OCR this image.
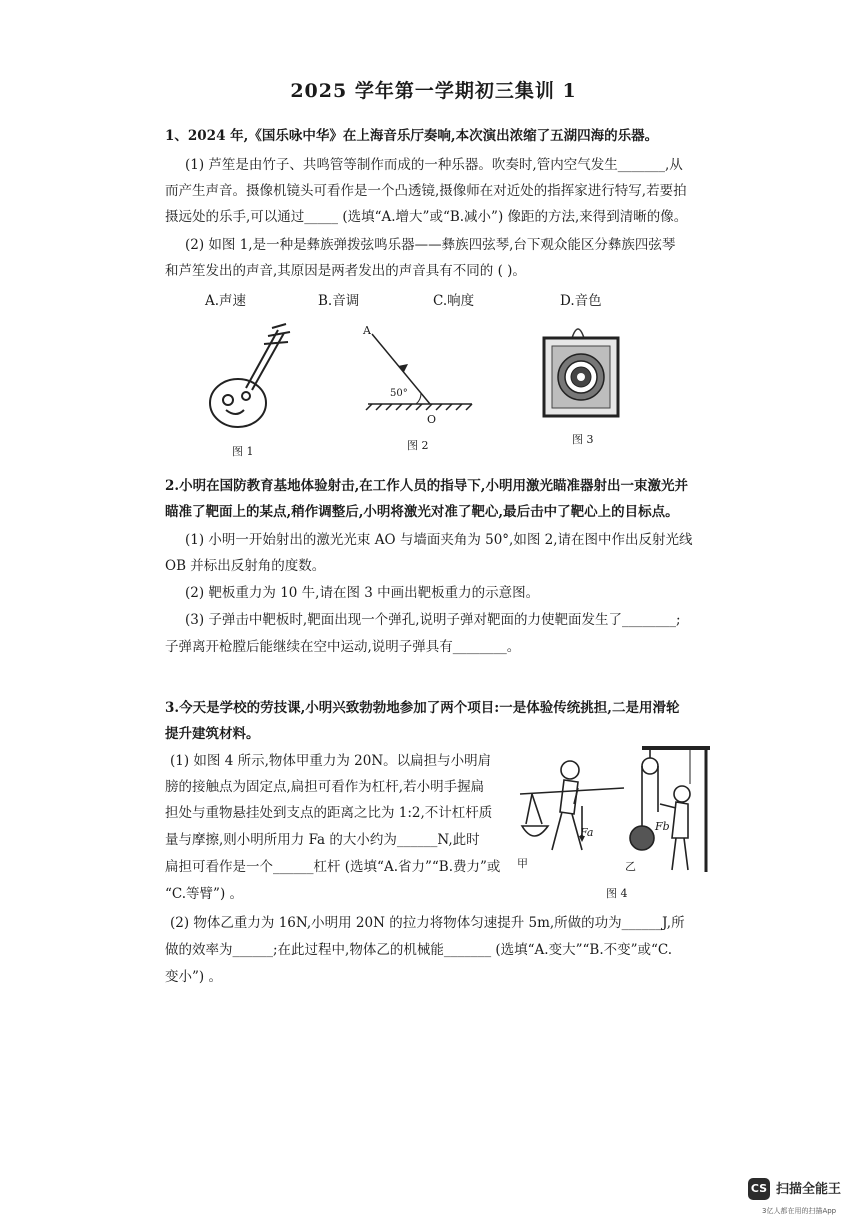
2025 学年第一学期初三集训 1
1、2024 年,《国乐咏中华》在上海音乐厅奏响,本次演出浓缩了五湖四海的乐器。
(1) 芦笙是由竹子、共鸣管等制作而成的一种乐器。吹奏时,管内空气发生_______,从
而产生声音。摄像机镜头可看作是一个凸透镜,摄像师在对近处的指挥家进行特写,若要拍
摄远处的乐手,可以通过_____ (选填“A.增大”或“B.减小”) 像距的方法,来得到清晰的像。
(2) 如图 1,是一种是彝族弹拨弦鸣乐器——彝族四弦琴,台下观众能区分彝族四弦琴
和芦笙发出的声音,其原因是两者发出的声音具有不同的 ( )。
A.声速	B.音调	C.响度	D.音色
图 1
A
50°
O
图 2	图 3
2.小明在国防教育基地体验射击,在工作人员的指导下,小明用激光瞄准器射出一束激光并
瞄准了靶面上的某点,稍作调整后,小明将激光对准了靶心,最后击中了靶心上的目标点。
(1) 小明一开始射出的激光光束 AO 与墙面夹角为 50°,如图 2,请在图中作出反射光线
OB 并标出反射角的度数。
(2) 靶板重力为 10 牛,请在图 3 中画出靶板重力的示意图。
(3) 子弹击中靶板时,靶面出现一个弹孔,说明子弹对靶面的力使靶面发生了________;
子弹离开枪膛后能继续在空中运动,说明子弹具有________。
3.今天是学校的劳技课,小明兴致勃勃地参加了两个项目:一是体验传统挑担,二是用滑轮
提升建筑材料。
(1) 如图 4 所示,物体甲重力为 20N。以扁担与小明肩
膀的接触点为固定点,扁担可看作为杠杆,若小明手握扁
担处与重物悬挂处到支点的距离之比为 1:2,不计杠杆质
量与摩擦,则小明所用力 Fa 的大小约为______N,此时
扁担可看作是一个______杠杆 (选填“A.省力”“B.费力”或
“C.等臂”) 。
(2) 物体乙重力为 16N,小明用 20N 的拉力将物体匀速提升 5m,所做的功为______J,所
做的效率为______;在此过程中,物体乙的机械能_______ (选填“A.变大”“B.不变”或“C.
变小”) 。
Fa	Fb
甲	乙
图 4
CS 扫描全能王
3亿人都在用的扫描App
